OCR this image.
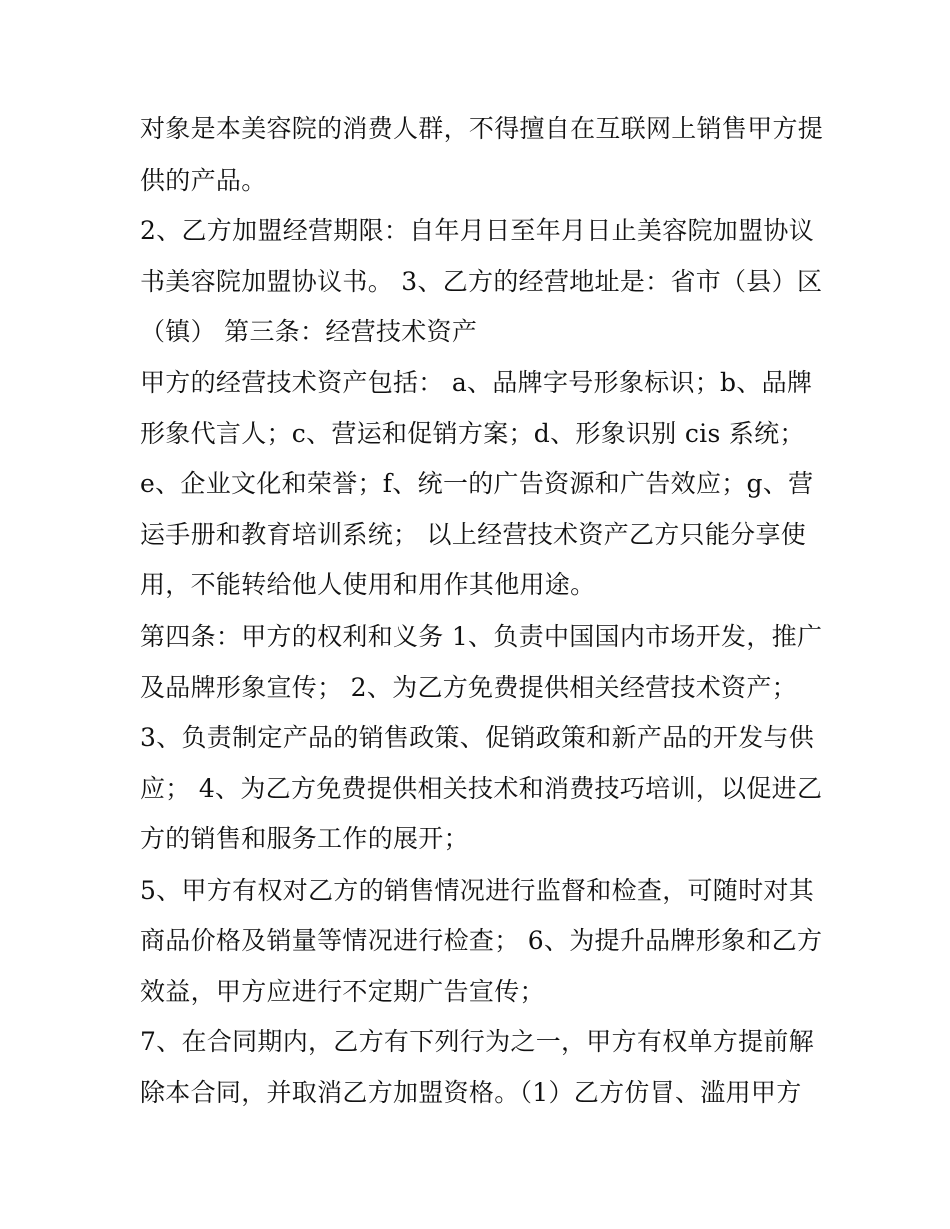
对象是本美容院的消费人群，不得擅自在互联网上销售甲方提
供的产品。
2、乙方加盟经营期限：自年月日至年月日止美容院加盟协议
书美容院加盟协议书。 3、乙方的经营地址是：省市（县）区
（镇） 第三条：经营技术资产
甲方的经营技术资产包括： a、品牌字号形象标识；b、品牌
形象代言人；c、营运和促销方案；d、形象识别 cis 系统；
e、企业文化和荣誉；f、统一的广告资源和广告效应；g、营
运手册和教育培训系统； 以上经营技术资产乙方只能分享使
用，不能转给他人使用和用作其他用途。
第四条：甲方的权利和义务 1、负责中国国内市场开发，推广
及品牌形象宣传； 2、为乙方免费提供相关经营技术资产；
3、负责制定产品的销售政策、促销政策和新产品的开发与供
应； 4、为乙方免费提供相关技术和消费技巧培训，以促进乙
方的销售和服务工作的展开；
5、甲方有权对乙方的销售情况进行监督和检查，可随时对其
商品价格及销量等情况进行检查； 6、为提升品牌形象和乙方
效益，甲方应进行不定期广告宣传；
7、在合同期内，乙方有下列行为之一，甲方有权单方提前解
除本合同，并取消乙方加盟资格。（1）乙方仿冒、滥用甲方
